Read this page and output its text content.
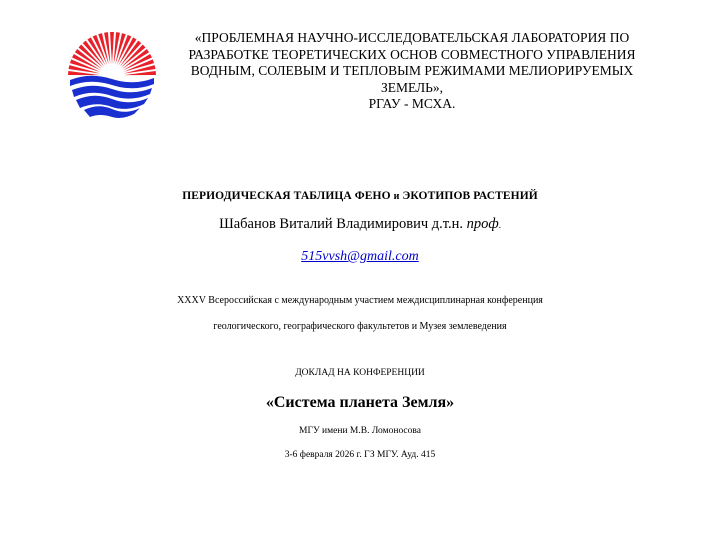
«ПРОБЛЕМНАЯ НАУЧНО-ИССЛЕДОВАТЕЛЬСКАЯ ЛАБОРАТОРИЯ ПО
РАЗРАБОТКЕ ТЕОРЕТИЧЕСКИХ ОСНОВ СОВМЕСТНОГО УПРАВЛЕНИЯ
ВОДНЫМ, СОЛЕВЫМ И ТЕПЛОВЫМ РЕЖИМАМИ МЕЛИОРИРУЕМЫХ
ЗЕМЕЛЬ»,
РГАУ - МСХА.
ПЕРИОДИЧЕСКАЯ ТАБЛИЦА ФЕНО и ЭКОТИПОВ РАСТЕНИЙ
Шабанов Виталий Владимирович д.т.н. проф.
515vvsh@gmail.com
XXXV Всероссийская с международным участием междисциплинарная конференция
геологического, географического факультетов и Музея землеведения
ДОКЛАД НА КОНФЕРЕНЦИИ
«Система планета Земля»
МГУ имени М.В. Ломоносова
3-6 февраля 2026 г. ГЗ МГУ. Ауд. 415
